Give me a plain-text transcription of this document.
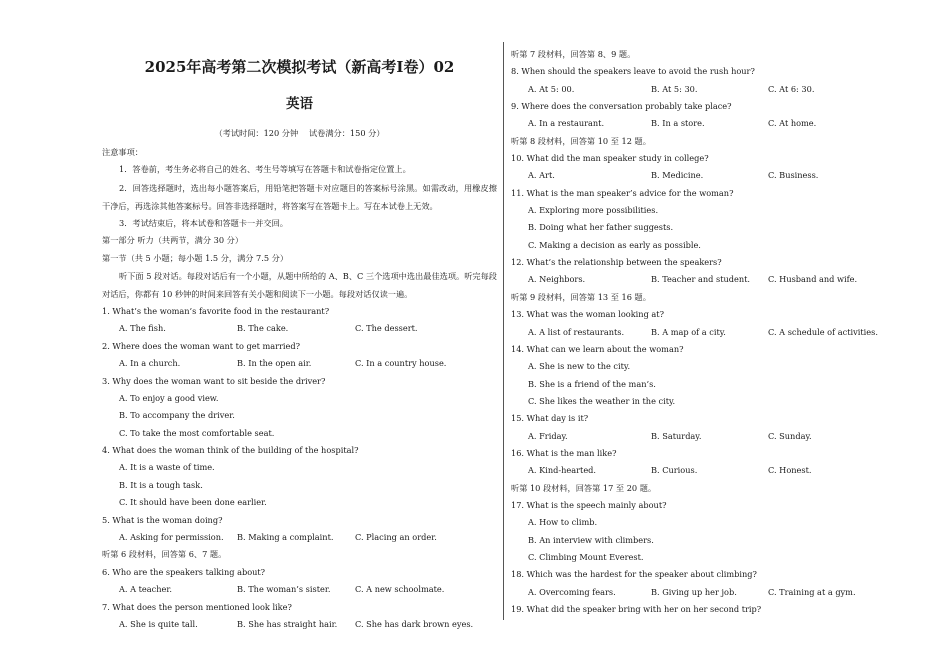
2025年高考第二次模拟考试（新高考Ⅰ卷）02
英语
（考试时间：120 分钟　 试卷满分：150 分）
注意事项：
1．答卷前，考生务必将自己的姓名、考生号等填写在答题卡和试卷指定位置上。
2．回答选择题时，选出每小题答案后，用铅笔把答题卡对应题目的答案标号涂黑。如需改动，用橡皮擦干净后，再选涂其他答案标号。回答非选择题时，将答案写在答题卡上。写在本试卷上无效。
3．考试结束后，将本试卷和答题卡一并交回。
第一部分 听力（共两节，满分 30 分）
第一节（共 5 小题；每小题 1.5 分，满分 7.5 分）
听下面 5 段对话。每段对话后有一个小题，从题中所给的 A、B、C 三个选项中选出最佳选项。听完每段对话后，你都有 10 秒钟的时间来回答有关小题和阅读下一小题。每段对话仅读一遍。
1. What’s the woman’s favorite food in the restaurant?
A. The fish.	B. The cake.	C. The dessert.
2. Where does the woman want to get married?
A. In a church.	B. In the open air.	C. In a country house.
3. Why does the woman want to sit beside the driver?
A. To enjoy a good view.
B. To accompany the driver.
C. To take the most comfortable seat.
4. What does the woman think of the building of the hospital?
A. It is a waste of time.
B. It is a tough task.
C. It should have been done earlier.
5. What is the woman doing?
A. Asking for permission.	B. Making a complaint.	C. Placing an order.
听第 6 段材料，回答第 6、7 题。
6. Who are the speakers talking about?
A. A teacher.	B. The woman’s sister.	C. A new schoolmate.
7. What does the person mentioned look like?
A. She is quite tall.	B. She has straight hair.	C. She has dark brown eyes.
听第 7 段材料，回答第 8、9 题。
8. When should the speakers leave to avoid the rush hour?
A. At 5: 00.	B. At 5: 30.	C. At 6: 30.
9. Where does the conversation probably take place?
A. In a restaurant.	B. In a store.	C. At home.
听第 8 段材料，回答第 10 至 12 题。
10. What did the man speaker study in college?
A. Art.	B. Medicine.	C. Business.
11. What is the man speaker’s advice for the woman?
A. Exploring more possibilities.
B. Doing what her father suggests.
C. Making a decision as early as possible.
12. What’s the relationship between the speakers?
A. Neighbors.	B. Teacher and student.	C. Husband and wife.
听第 9 段材料，回答第 13 至 16 题。
13. What was the woman looking at?
A. A list of restaurants.	B. A map of a city.	C. A schedule of activities.
14. What can we learn about the woman?
A. She is new to the city.
B. She is a friend of the man’s.
C. She likes the weather in the city.
15. What day is it?
A. Friday.	B. Saturday.	C. Sunday.
16. What is the man like?
A. Kind-hearted.	B. Curious.	C. Honest.
听第 10 段材料，回答第 17 至 20 题。
17. What is the speech mainly about?
A. How to climb.
B. An interview with climbers.
C. Climbing Mount Everest.
18. Which was the hardest for the speaker about climbing?
A. Overcoming fears.	B. Giving up her job.	C. Training at a gym.
19. What did the speaker bring with her on her second trip?
